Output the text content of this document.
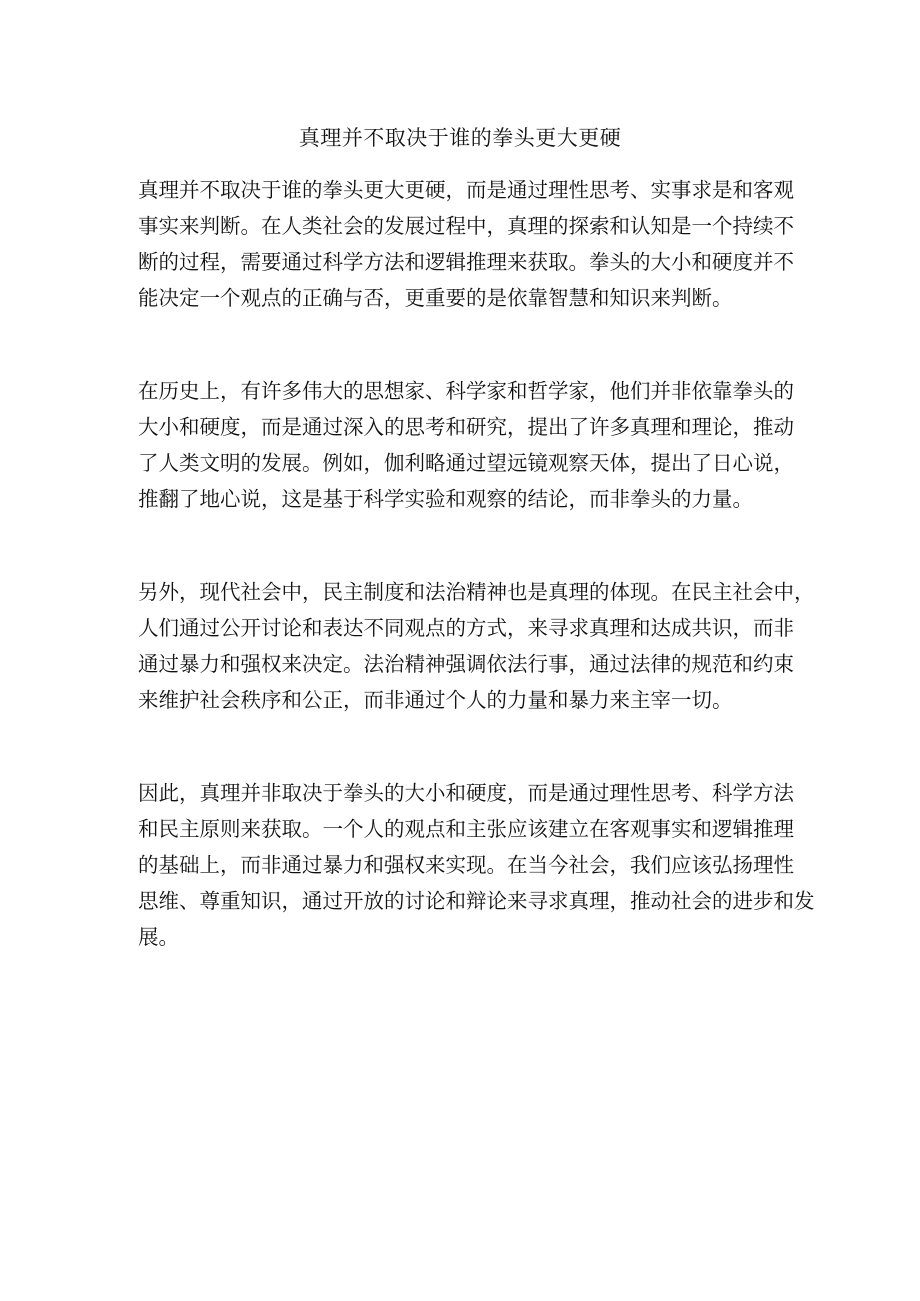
真理并不取决于谁的拳头更大更硬

真理并不取决于谁的拳头更大更硬，而是通过理性思考、实事求是和客观
事实来判断。在人类社会的发展过程中，真理的探索和认知是一个持续不
断的过程，需要通过科学方法和逻辑推理来获取。拳头的大小和硬度并不
能决定一个观点的正确与否，更重要的是依靠智慧和知识来判断。

在历史上，有许多伟大的思想家、科学家和哲学家，他们并非依靠拳头的
大小和硬度，而是通过深入的思考和研究，提出了许多真理和理论，推动
了人类文明的发展。例如，伽利略通过望远镜观察天体，提出了日心说，
推翻了地心说，这是基于科学实验和观察的结论，而非拳头的力量。

另外，现代社会中，民主制度和法治精神也是真理的体现。在民主社会中，
人们通过公开讨论和表达不同观点的方式，来寻求真理和达成共识，而非
通过暴力和强权来决定。法治精神强调依法行事，通过法律的规范和约束
来维护社会秩序和公正，而非通过个人的力量和暴力来主宰一切。

因此，真理并非取决于拳头的大小和硬度，而是通过理性思考、科学方法
和民主原则来获取。一个人的观点和主张应该建立在客观事实和逻辑推理
的基础上，而非通过暴力和强权来实现。在当今社会，我们应该弘扬理性
思维、尊重知识，通过开放的讨论和辩论来寻求真理，推动社会的进步和发
展。
